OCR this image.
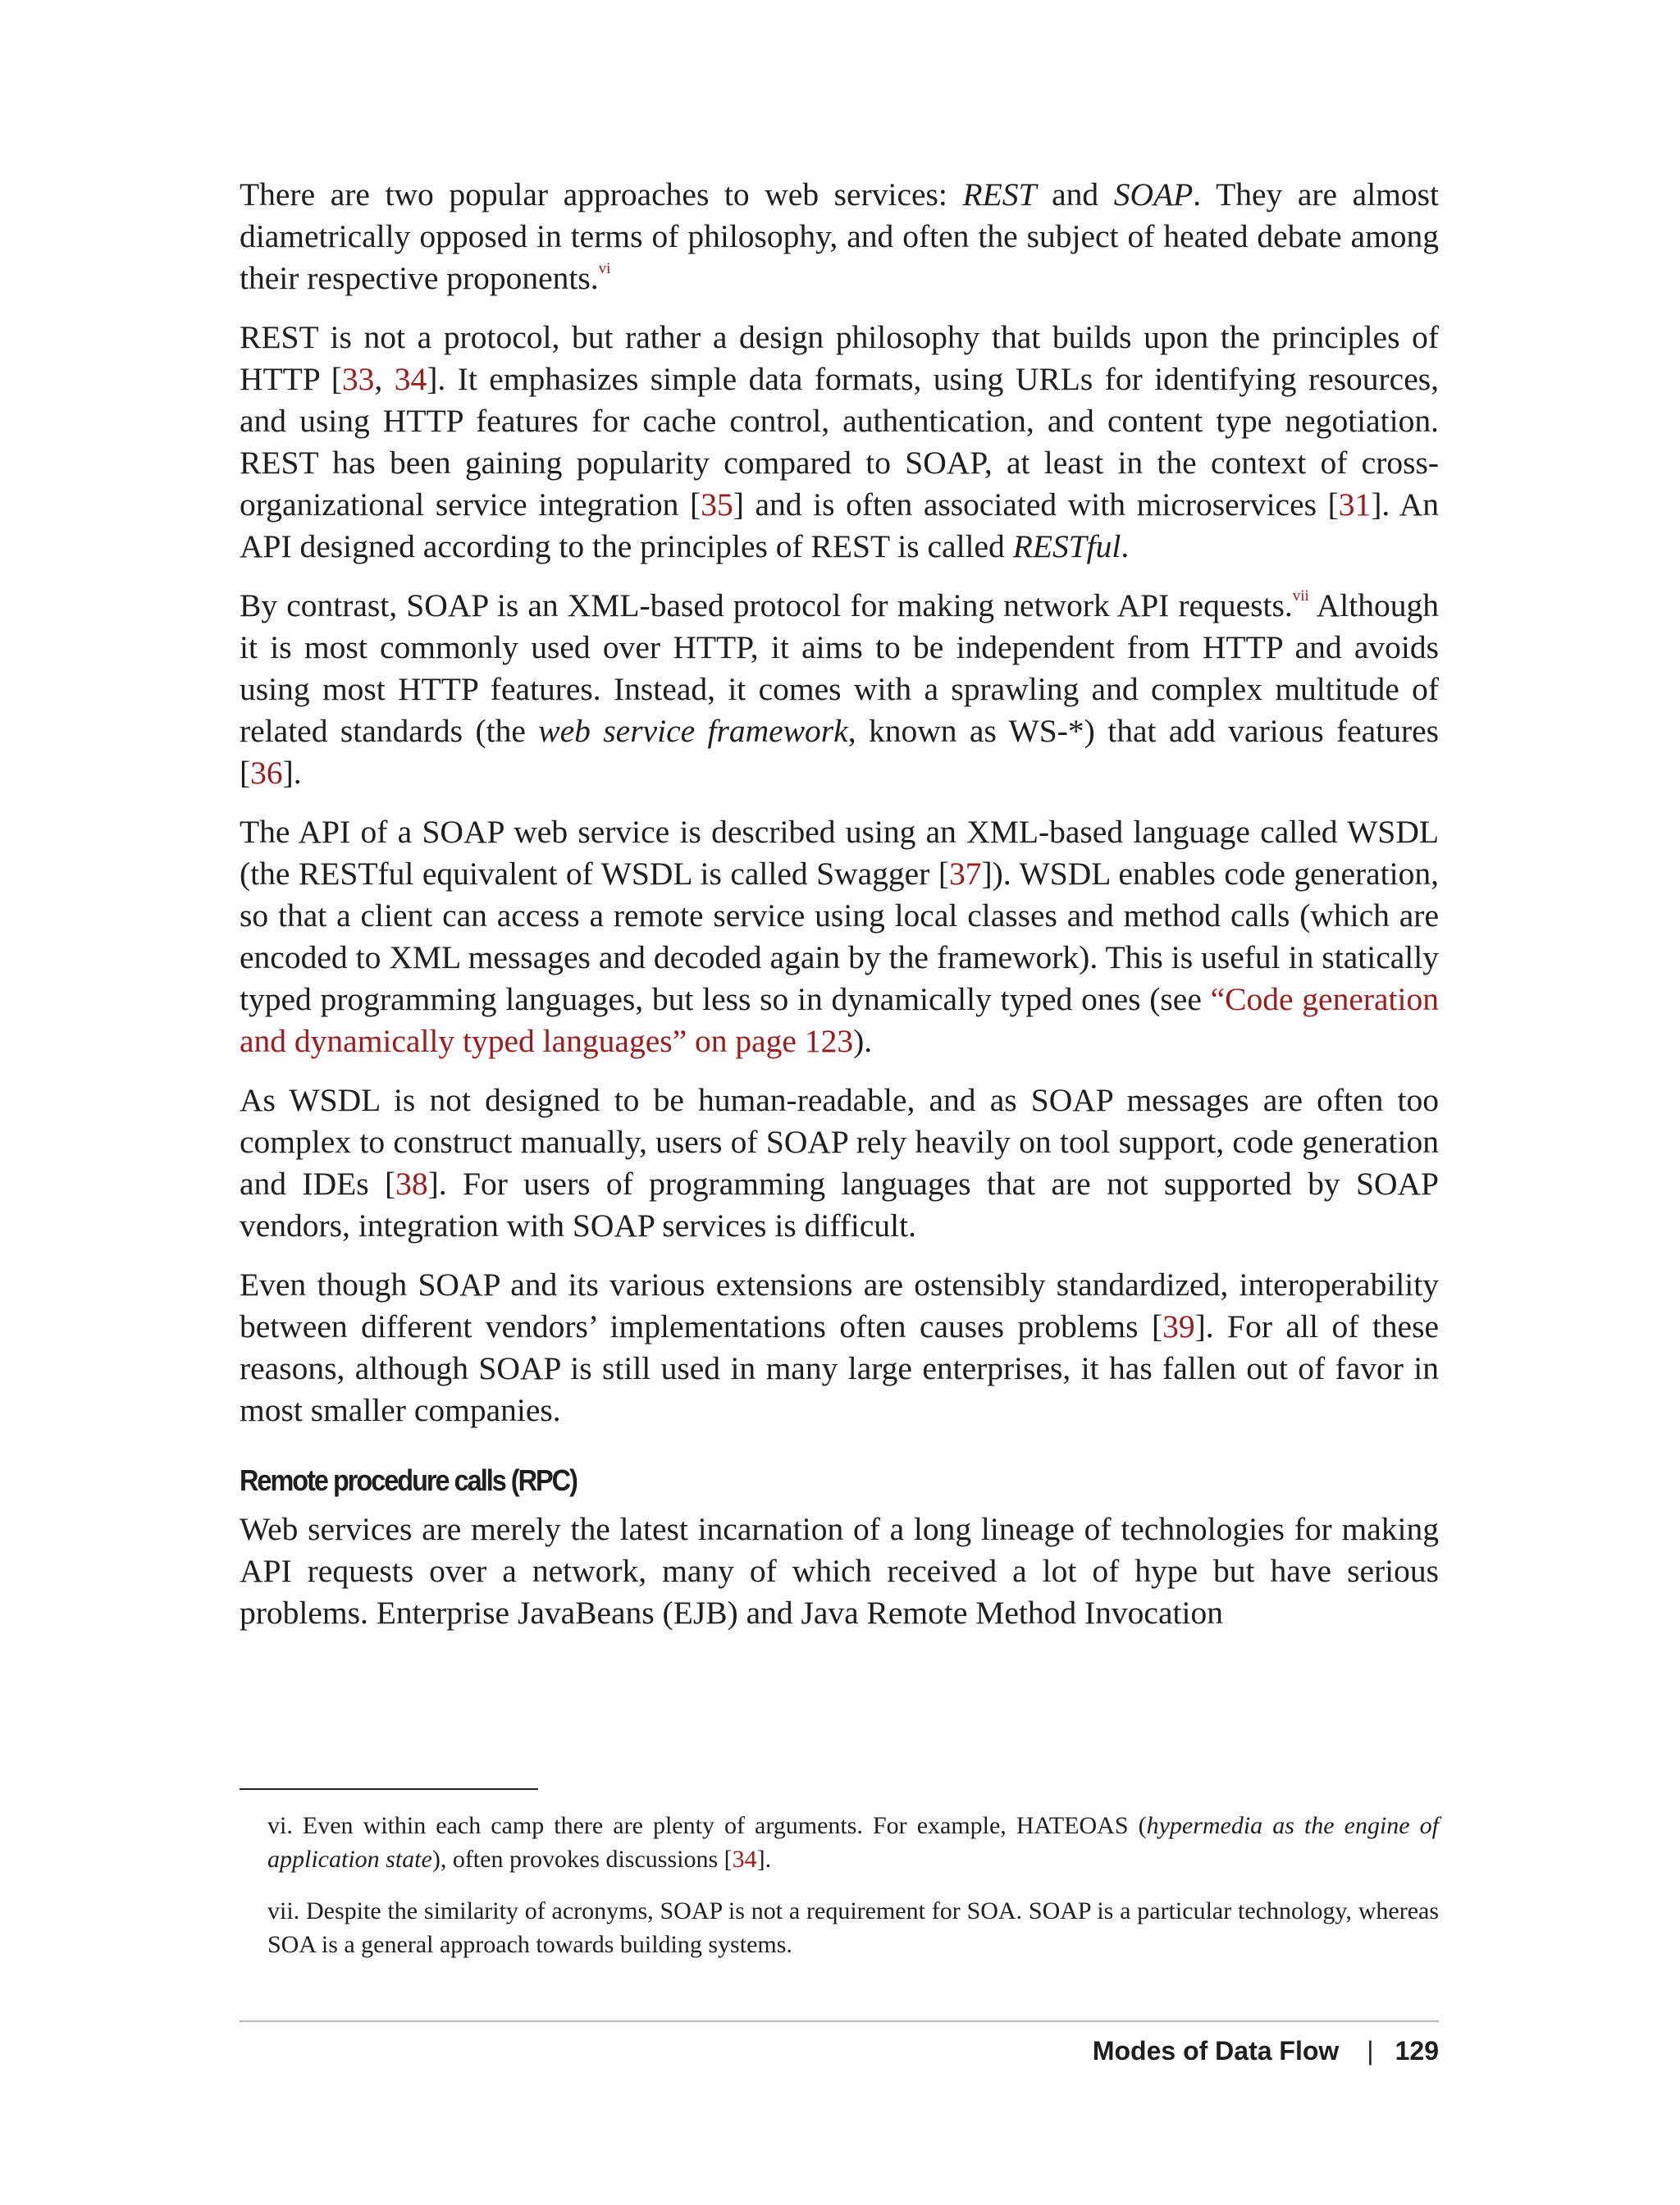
There are two popular approaches to web services: REST and SOAP. They are almost diametrically opposed in terms of philosophy, and often the subject of heated debate among their respective proponents.$^{vi}$

REST is not a protocol, but rather a design philosophy that builds upon the principles of HTTP [33, 34]. It emphasizes simple data formats, using URLs for identifying resources, and using HTTP features for cache control, authentication, and content type negotiation. REST has been gaining popularity compared to SOAP, at least in the context of cross-organizational service integration [35] and is often associated with microservices [31]. An API designed according to the principles of REST is called RESTful.

By contrast, SOAP is an XML-based protocol for making network API requests.$^{vii}$ Although it is most commonly used over HTTP, it aims to be independent from HTTP and avoids using most HTTP features. Instead, it comes with a sprawling and complex multitude of related standards (the web service framework, known as WS-*) that add various features [36].

The API of a SOAP web service is described using an XML-based language called WSDL (the RESTful equivalent of WSDL is called Swagger [37]). WSDL enables code generation, so that a client can access a remote service using local classes and method calls (which are encoded to XML messages and decoded again by the framework). This is useful in statically typed programming languages, but less so in dynamically typed ones (see “Code generation and dynamically typed languages” on page 123).

As WSDL is not designed to be human-readable, and as SOAP messages are often too complex to construct manually, users of SOAP rely heavily on tool support, code generation and IDEs [38]. For users of programming languages that are not supported by SOAP vendors, integration with SOAP services is difficult.

Even though SOAP and its various extensions are ostensibly standardized, interoperability between different vendors’ implementations often causes problems [39]. For all of these reasons, although SOAP is still used in many large enterprises, it has fallen out of favor in most smaller companies.

Remote procedure calls (RPC)

Web services are merely the latest incarnation of a long lineage of technologies for making API requests over a network, many of which received a lot of hype but have serious problems. Enterprise JavaBeans (EJB) and Java Remote Method Invocation

vi. Even within each camp there are plenty of arguments. For example, HATEOAS (hypermedia as the engine of application state), often provokes discussions [34].

vii. Despite the similarity of acronyms, SOAP is not a requirement for SOA. SOAP is a particular technology, whereas SOA is a general approach towards building systems.

Modes of Data Flow | 129
